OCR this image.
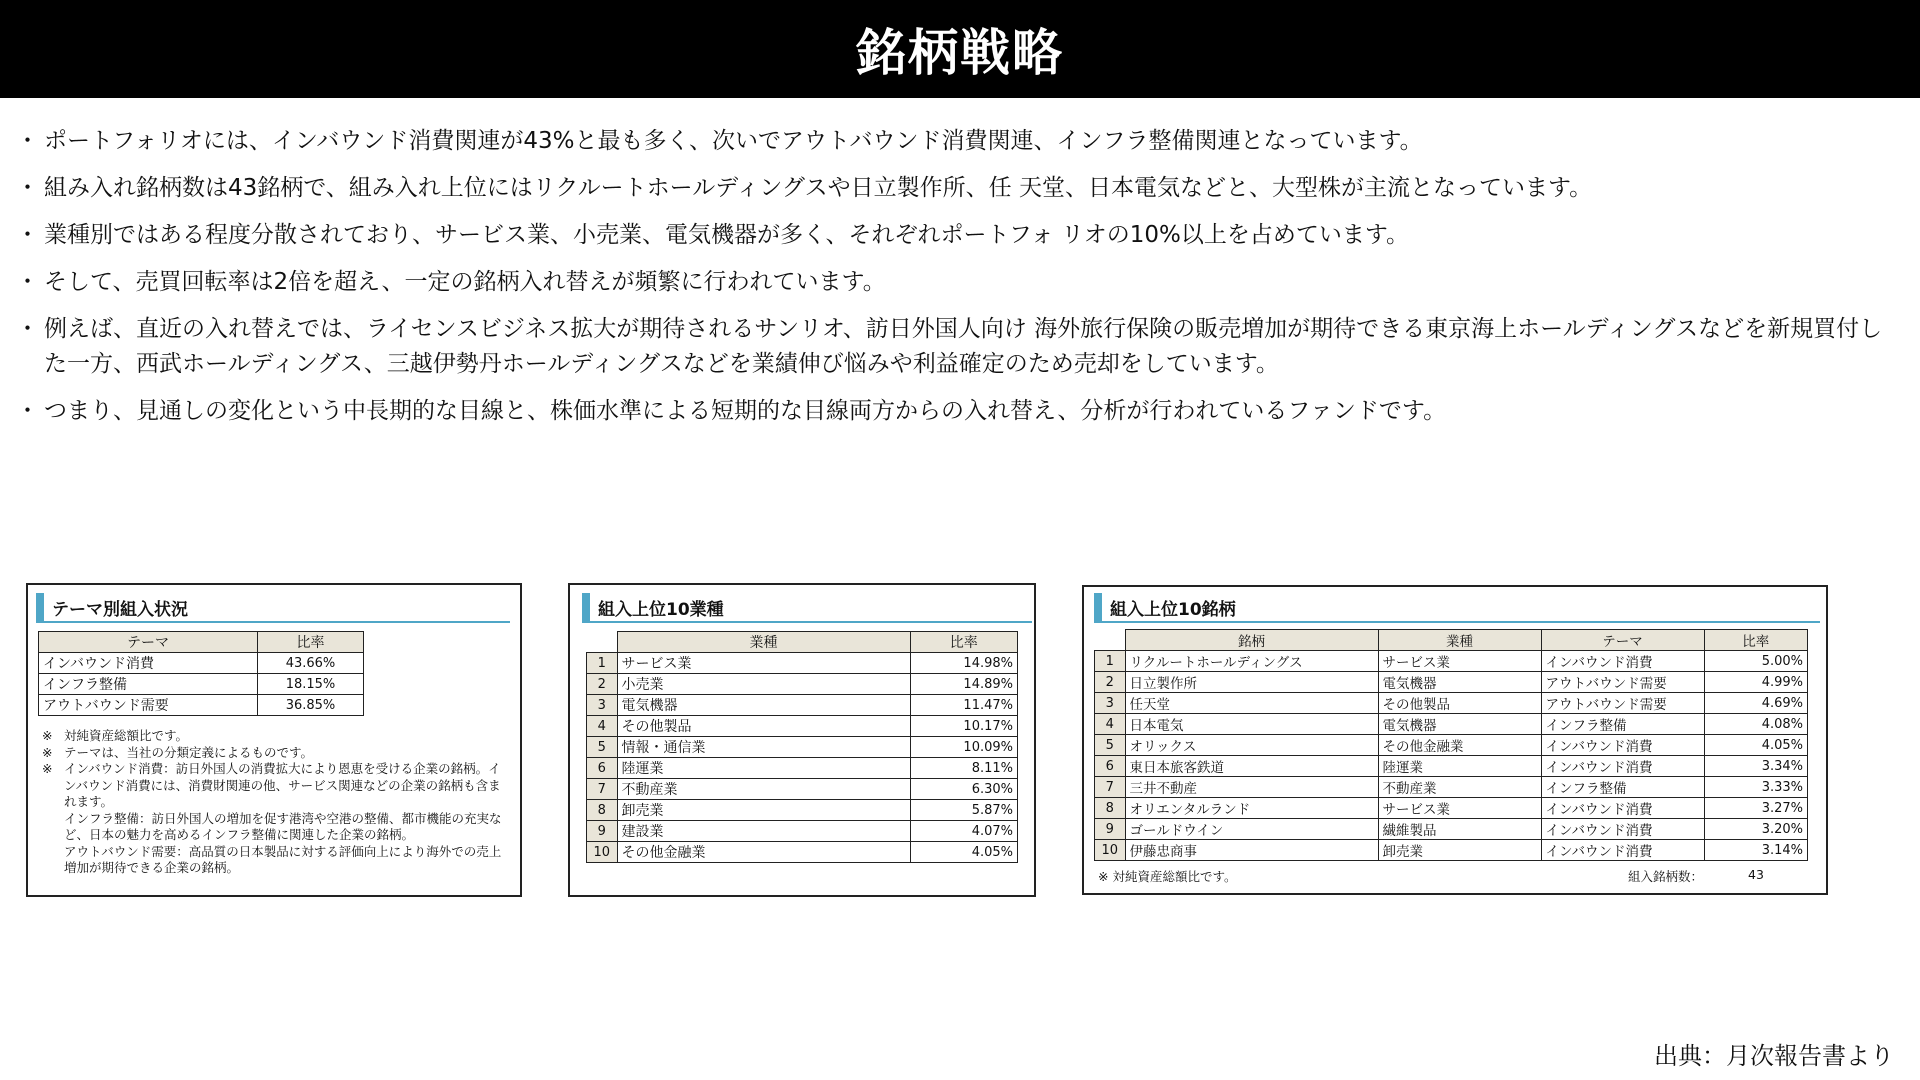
銘柄戦略
・ ポートフォリオには、インバウンド消費関連が43%と最も多く、次いでアウトバウンド消費関連、インフラ整備関連となっています。
・ 組み入れ銘柄数は43銘柄で、組み入れ上位にはリクルートホールディングスや日立製作所、任 天堂、日本電気などと、大型株が主流となっています。
・ 業種別ではある程度分散されており、サービス業、小売業、電気機器が多く、それぞれポートフォ リオの10%以上を占めています。
・ そして、売買回転率は2倍を超え、一定の銘柄入れ替えが頻繁に行われています。
・ 例えば、直近の入れ替えでは、ライセンスビジネス拡大が期待されるサンリオ、訪日外国人向け 海外旅行保険の販売増加が期待できる東京海上ホールディングスなどを新規買付した一方、西武ホールディングス、三越伊勢丹ホールディングスなどを業績伸び悩みや利益確定のため売却をしています。
・ つまり、見通しの変化という中長期的な目線と、株価水準による短期的な目線両方からの入れ替え、分析が行われているファンドです。
テーマ別組入状況
テーマ	比率
インバウンド消費	43.66%
インフラ整備	18.15%
アウトバウンド需要	36.85%
※ 対純資産総額比です。
※ テーマは、当社の分類定義によるものです。
※ インバウンド消費：訪日外国人の消費拡大により恩恵を受ける企業の銘柄。インバウンド消費には、消費財関連の他、サービス関連などの企業の銘柄も含まれます。
インフラ整備：訪日外国人の増加を促す港湾や空港の整備、都市機能の充実など、日本の魅力を高めるインフラ整備に関連した企業の銘柄。
アウトバウンド需要：高品質の日本製品に対する評価向上により海外での売上増加が期待できる企業の銘柄。
組入上位10業種
	業種	比率
1	サービス業	14.98%
2	小売業	14.89%
3	電気機器	11.47%
4	その他製品	10.17%
5	情報・通信業	10.09%
6	陸運業	8.11%
7	不動産業	6.30%
8	卸売業	5.87%
9	建設業	4.07%
10	その他金融業	4.05%
組入上位10銘柄
	銘柄	業種	テーマ	比率
1	リクルートホールディングス	サービス業	インバウンド消費	5.00%
2	日立製作所	電気機器	アウトバウンド需要	4.99%
3	任天堂	その他製品	アウトバウンド需要	4.69%
4	日本電気	電気機器	インフラ整備	4.08%
5	オリックス	その他金融業	インバウンド消費	4.05%
6	東日本旅客鉄道	陸運業	インバウンド消費	3.34%
7	三井不動産	不動産業	インフラ整備	3.33%
8	オリエンタルランド	サービス業	インバウンド消費	3.27%
9	ゴールドウイン	繊維製品	インバウンド消費	3.20%
10	伊藤忠商事	卸売業	インバウンド消費	3.14%
※ 対純資産総額比です。	組入銘柄数：	43
出典：月次報告書より
